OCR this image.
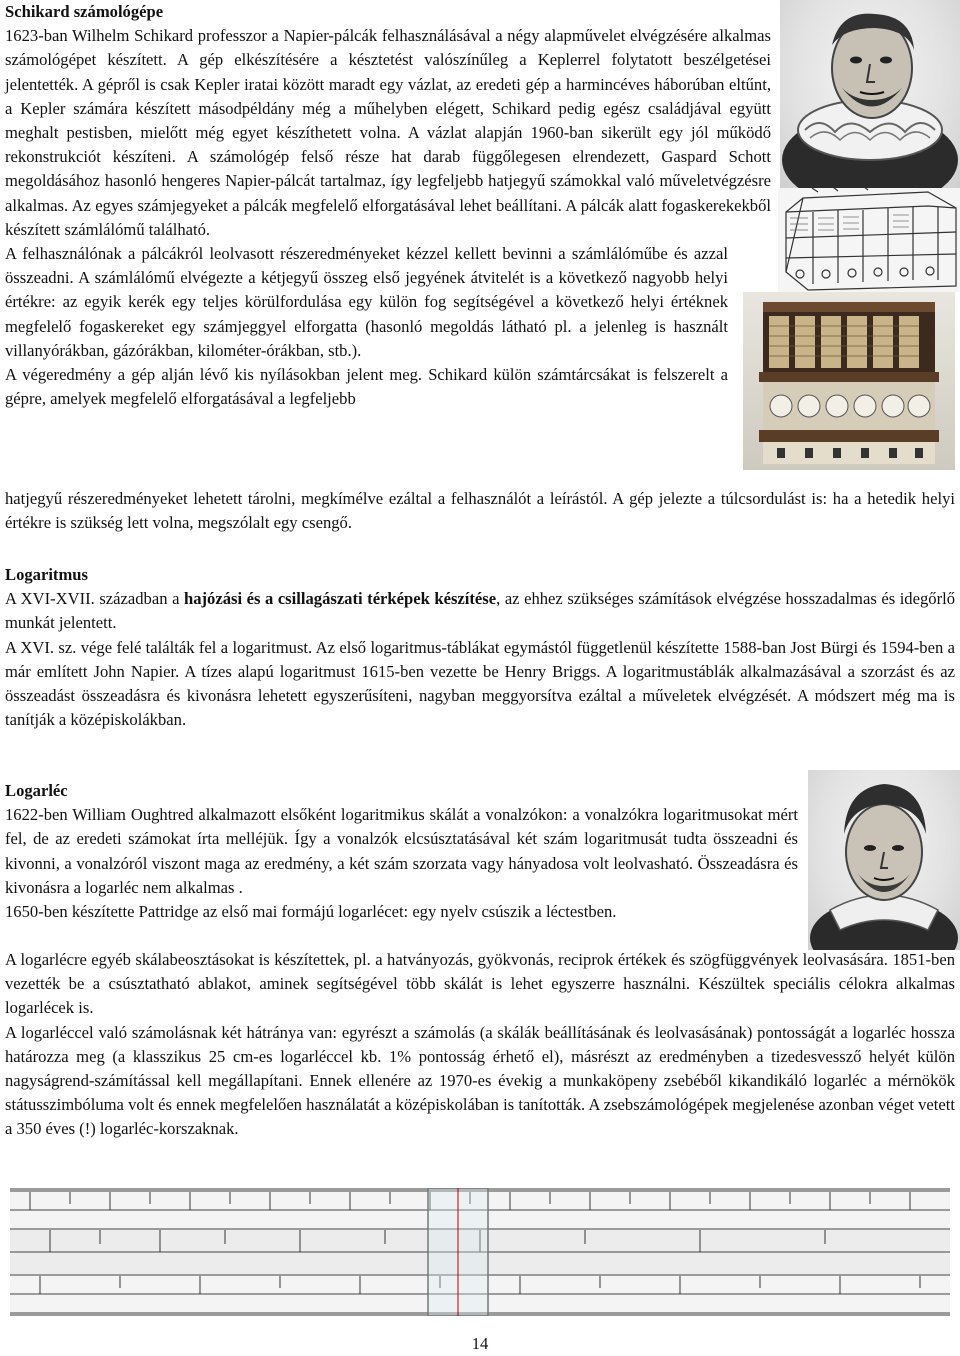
Schikard számológépe

1623-ban Wilhelm Schikard professzor a Napier-pálcák felhasználásával a négy alapművelet elvégzésére alkalmas számológépet készített. A gép elkészítésére a késztetést valószínűleg a Keplerrel folytatott beszélgetései jelentették. A gépről is csak Kepler iratai között maradt egy vázlat, az eredeti gép a harmincéves háborúban eltűnt, a Kepler számára készített másodpéldány még a műhelyben elégett, Schikard pedig egész családjával együtt meghalt pestisben, mielőtt még egyet készíthetett volna. A vázlat alapján 1960-ban sikerült egy jól működő rekonstrukciót készíteni. A számológép felső része hat darab függőlegesen elrendezett, Gaspard Schott megoldásához hasonló hengeres Napier-pálcát tartalmaz, így legfeljebb hatjegyű számokkal való műveletvégzésre alkalmas. Az egyes számjegyeket a pálcák megfelelő elforgatásával lehet beállítani. A pálcák alatt fogaskerekekből készített számlálómű található.

A felhasználónak a pálcákról leolvasott részeredményeket kézzel kellett bevinni a számlálóműbe és azzal összeadni. A számlálómű elvégezte a kétjegyű összeg első jegyének átvitelét is a következő nagyobb helyi értékre: az egyik kerék egy teljes körülfordulása egy külön fog segítségével a következő helyi értéknek megfelelő fogaskereket egy számjeggyel elforgatta (hasonló megoldás látható pl. a jelenleg is használt villanyórákban, gázórákban, kilométer-órákban, stb.).

A végeredmény a gép alján lévő kis nyílásokban jelent meg. Schikard külön számtárcsákat is felszerelt a gépre, amelyek megfelelő elforgatásával a legfeljebb

hatjegyű részeredményeket lehetett tárolni, megkímélve ezáltal a felhasználót a leírástól. A gép jelezte a túlcsordulást is: ha a hetedik helyi értékre is szükség lett volna, megszólalt egy csengő.

Logaritmus

A XVI-XVII. században a hajózási és a csillagászati térképek készítése, az ehhez szükséges számítások elvégzése hosszadalmas és idegőrlő munkát jelentett.

A XVI. sz. vége felé találták fel a logaritmust. Az első logaritmus-táblákat egymástól függetlenül készítette 1588-ban Jost Bürgi és 1594-ben a már említett John Napier. A tízes alapú logaritmust 1615-ben vezette be Henry Briggs. A logaritmustáblák alkalmazásával a szorzást és az összeadást összeadásra és kivonásra lehetett egyszerűsíteni, nagyban meggyorsítva ezáltal a műveletek elvégzését. A módszert még ma is tanítják a középiskolákban.

Logarléc

1622-ben William Oughtred alkalmazott elsőként logaritmikus skálát a vonalzókon: a vonalzókra logaritmusokat mért fel, de az eredeti számokat írta melléjük. Így a vonalzók elcsúsztatásával két szám logaritmusát tudta összeadni és kivonni, a vonalzóról viszont maga az eredmény, a két szám szorzata vagy hányadosa volt leolvasható. Összeadásra és kivonásra a logarléc nem alkalmas .

1650-ben készítette Pattridge az első mai formájú logarlécet: egy nyelv csúszik a léctestben.

A logarlécre egyéb skálabeosztásokat is készítettek, pl. a hatványozás, gyökvonás, reciprok értékek és szögfüggvények leolvasására. 1851-ben vezették be a csúsztatható ablakot, aminek segítségével több skálát is lehet egyszerre használni. Készültek speciális célokra alkalmas logarlécek is.

A logarléccel való számolásnak két hátránya van: egyrészt a számolás (a skálák beállításának és leolvasásának) pontosságát a logarléc hossza határozza meg (a klasszikus 25 cm-es logarléccel kb. 1% pontosság érhető el), másrészt az eredményben a tizedesvessző helyét külön nagyságrend-számítással kell megállapítani. Ennek ellenére az 1970-es évekig a munkaköpeny zsebéből kikandikáló logarléc a mérnökök státusszimbóluma volt és ennek megfelelően használatát a középiskolában is tanították. A zsebszámológépek megjelenése azonban véget vetett a 350 éves (!) logarléc-korszaknak.

14
